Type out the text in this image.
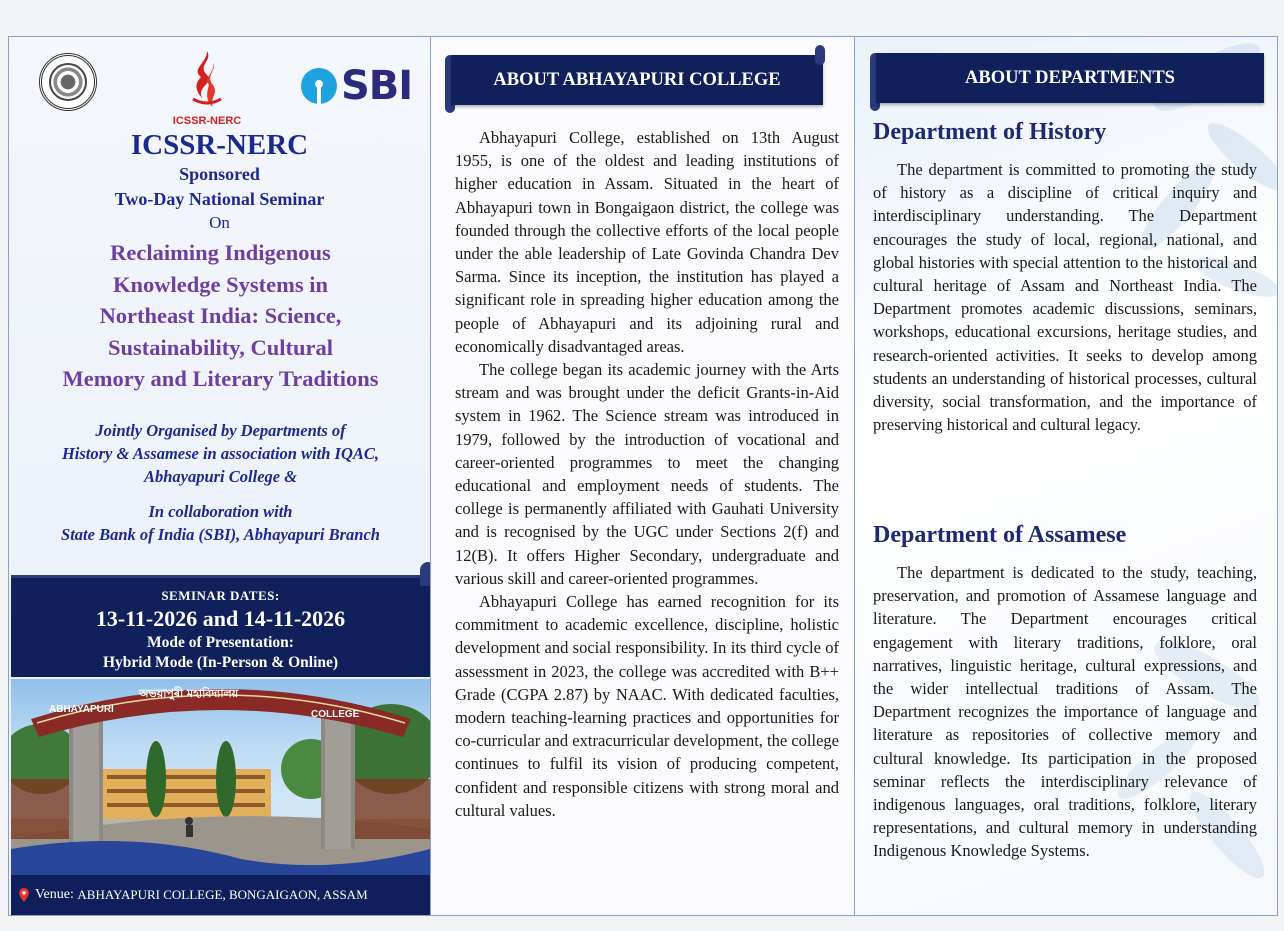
ICSSR-NERC
SBI
ICSSR-NERC
Sponsored
Two-Day National Seminar
On
Reclaiming Indigenous
Knowledge Systems in
Northeast India: Science,
Sustainability, Cultural
Memory and Literary Traditions
Jointly Organised by Departments of
History & Assamese in association with IQAC,
Abhayapuri College &
In collaboration with
State Bank of India (SBI), Abhayapuri Branch
SEMINAR DATES:
13-11-2026 and 14-11-2026
Mode of Presentation:
Hybrid Mode (In-Person & Online)
ABHAYAPURI
অভয়াপুৰী মহাবিদ্যালয়
COLLEGE
Venue: ABHAYAPURI COLLEGE, BONGAIGAON, ASSAM
ABOUT ABHAYAPURI COLLEGE

Abhayapuri College, established on 13th August 1955, is one of the oldest and leading institutions of higher education in Assam. Situated in the heart of Abhayapuri town in Bongaigaon district, the college was founded through the collective efforts of the local people under the able leadership of Late Govinda Chandra Dev Sarma. Since its inception, the institution has played a significant role in spreading higher education among the people of Abhayapuri and its adjoining rural and economically disadvantaged areas.

The college began its academic journey with the Arts stream and was brought under the deficit Grants-in-Aid system in 1962. The Science stream was introduced in 1979, followed by the introduction of vocational and career-oriented programmes to meet the changing educational and employment needs of students. The college is permanently affiliated with Gauhati University and is recognised by the UGC under Sections 2(f) and 12(B). It offers Higher Secondary, undergraduate and various skill and career-oriented programmes.

Abhayapuri College has earned recognition for its commitment to academic excellence, discipline, holistic development and social responsibility. In its third cycle of assessment in 2023, the college was accredited with B++ Grade (CGPA 2.87) by NAAC. With dedicated faculties, modern teaching-learning practices and opportunities for co-curricular and extracurricular development, the college continues to fulfil its vision of producing competent, confident and responsible citizens with strong moral and cultural values.

ABOUT DEPARTMENTS
Department of History

The department is committed to promoting the study of history as a discipline of critical inquiry and interdisciplinary understanding. The Department encourages the study of local, regional, national, and global histories with special attention to the historical and cultural heritage of Assam and Northeast India. The Department promotes academic discussions, seminars, workshops, educational excursions, heritage studies, and research-oriented activities. It seeks to develop among students an understanding of historical processes, cultural diversity, social transformation, and the importance of preserving historical and cultural legacy.

Department of Assamese

The department is dedicated to the study, teaching, preservation, and promotion of Assamese language and literature. The Department encourages critical engagement with literary traditions, folklore, oral narratives, linguistic heritage, cultural expressions, and the wider intellectual traditions of Assam. The Department recognizes the importance of language and literature as repositories of collective memory and cultural knowledge. Its participation in the proposed seminar reflects the interdisciplinary relevance of indigenous languages, oral traditions, folklore, literary representations, and cultural memory in understanding Indigenous Knowledge Systems.
